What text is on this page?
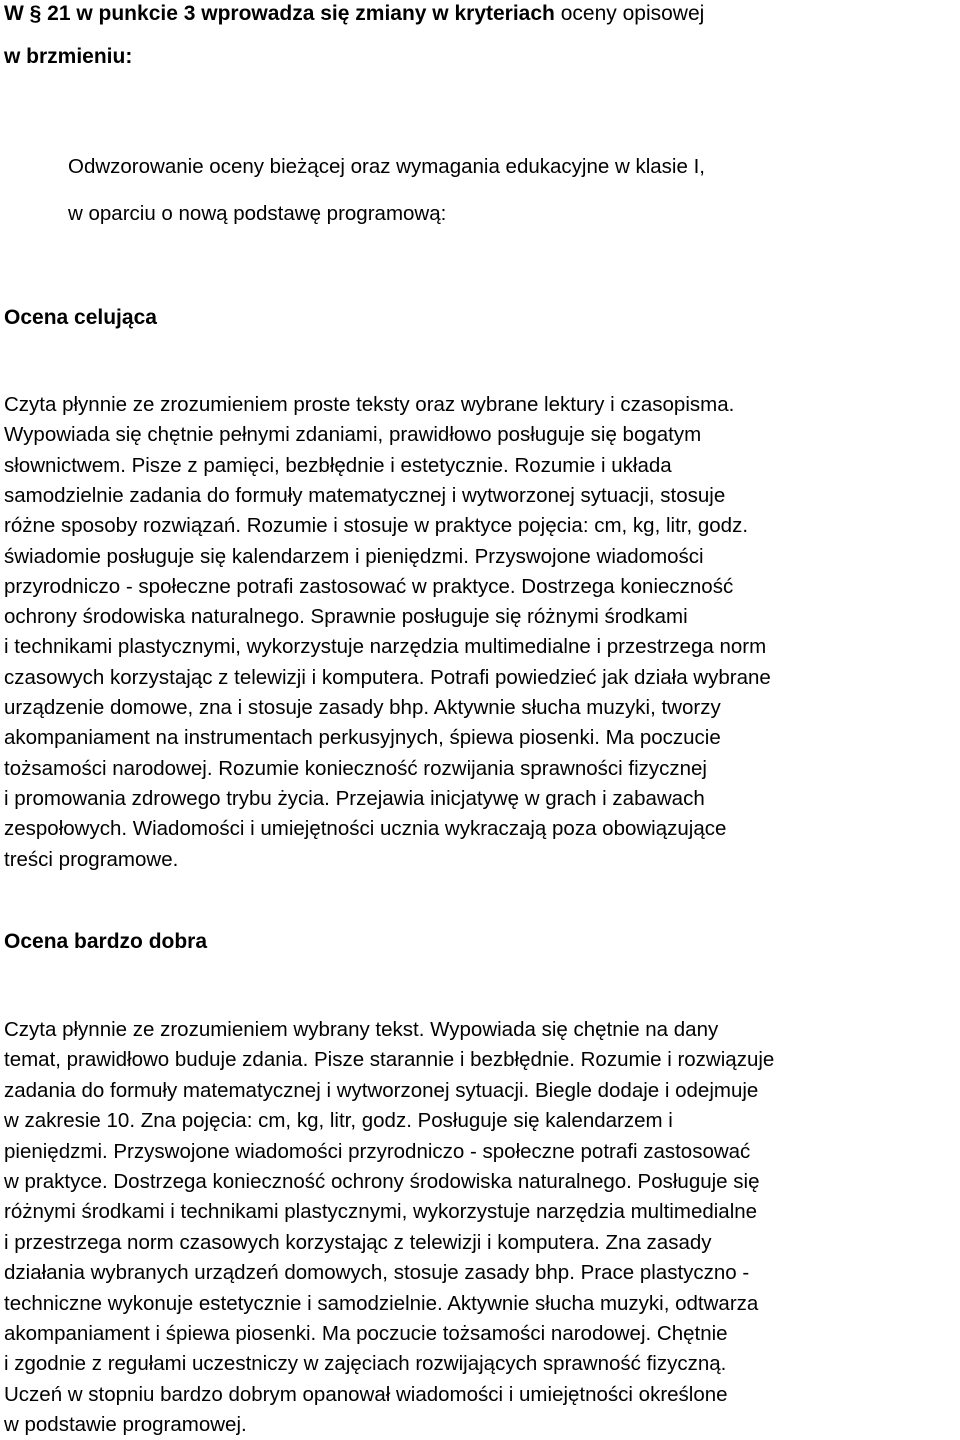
W § 21 w punkcie 3 wprowadza się zmiany w kryteriach oceny opisowej
w brzmieniu:
Odwzorowanie oceny bieżącej oraz wymagania edukacyjne w klasie I,
w oparciu o nową podstawę programową:
Ocena celująca
Czyta płynnie ze zrozumieniem proste teksty oraz wybrane lektury i czasopisma.
Wypowiada się chętnie pełnymi zdaniami, prawidłowo posługuje się bogatym
słownictwem. Pisze z pamięci, bezbłędnie i estetycznie. Rozumie i układa
samodzielnie zadania do formuły matematycznej i wytworzonej sytuacji, stosuje
różne sposoby rozwiązań. Rozumie i stosuje w praktyce pojęcia: cm, kg, litr, godz.
świadomie posługuje się kalendarzem i pieniędzmi. Przyswojone wiadomości
przyrodniczo - społeczne potrafi zastosować w praktyce. Dostrzega konieczność
ochrony środowiska naturalnego. Sprawnie posługuje się różnymi środkami
i technikami plastycznymi, wykorzystuje narzędzia multimedialne i przestrzega norm
czasowych korzystając z telewizji i komputera. Potrafi powiedzieć jak działa wybrane
urządzenie domowe, zna i stosuje zasady bhp. Aktywnie słucha muzyki, tworzy
akompaniament na instrumentach perkusyjnych, śpiewa piosenki. Ma poczucie
tożsamości narodowej. Rozumie konieczność rozwijania sprawności fizycznej
i promowania zdrowego trybu życia. Przejawia inicjatywę w grach i zabawach
zespołowych. Wiadomości i umiejętności ucznia wykraczają poza obowiązujące
treści programowe.
Ocena bardzo dobra
Czyta płynnie ze zrozumieniem wybrany tekst. Wypowiada się chętnie na dany
temat, prawidłowo buduje zdania. Pisze starannie i bezbłędnie. Rozumie i rozwiązuje
zadania do formuły matematycznej i wytworzonej sytuacji. Biegle dodaje i odejmuje
w zakresie 10. Zna pojęcia: cm, kg, litr, godz. Posługuje się kalendarzem i
pieniędzmi. Przyswojone wiadomości przyrodniczo - społeczne potrafi zastosować
w praktyce. Dostrzega konieczność ochrony środowiska naturalnego. Posługuje się
różnymi środkami i technikami plastycznymi, wykorzystuje narzędzia multimedialne
i przestrzega norm czasowych korzystając z telewizji i komputera. Zna zasady
działania wybranych urządzeń domowych, stosuje zasady bhp. Prace plastyczno -
techniczne wykonuje estetycznie i samodzielnie. Aktywnie słucha muzyki, odtwarza
akompaniament i śpiewa piosenki. Ma poczucie tożsamości narodowej. Chętnie
i zgodnie z regułami uczestniczy w zajęciach rozwijających sprawność fizyczną.
Uczeń w stopniu bardzo dobrym opanował wiadomości i umiejętności określone
w podstawie programowej.
